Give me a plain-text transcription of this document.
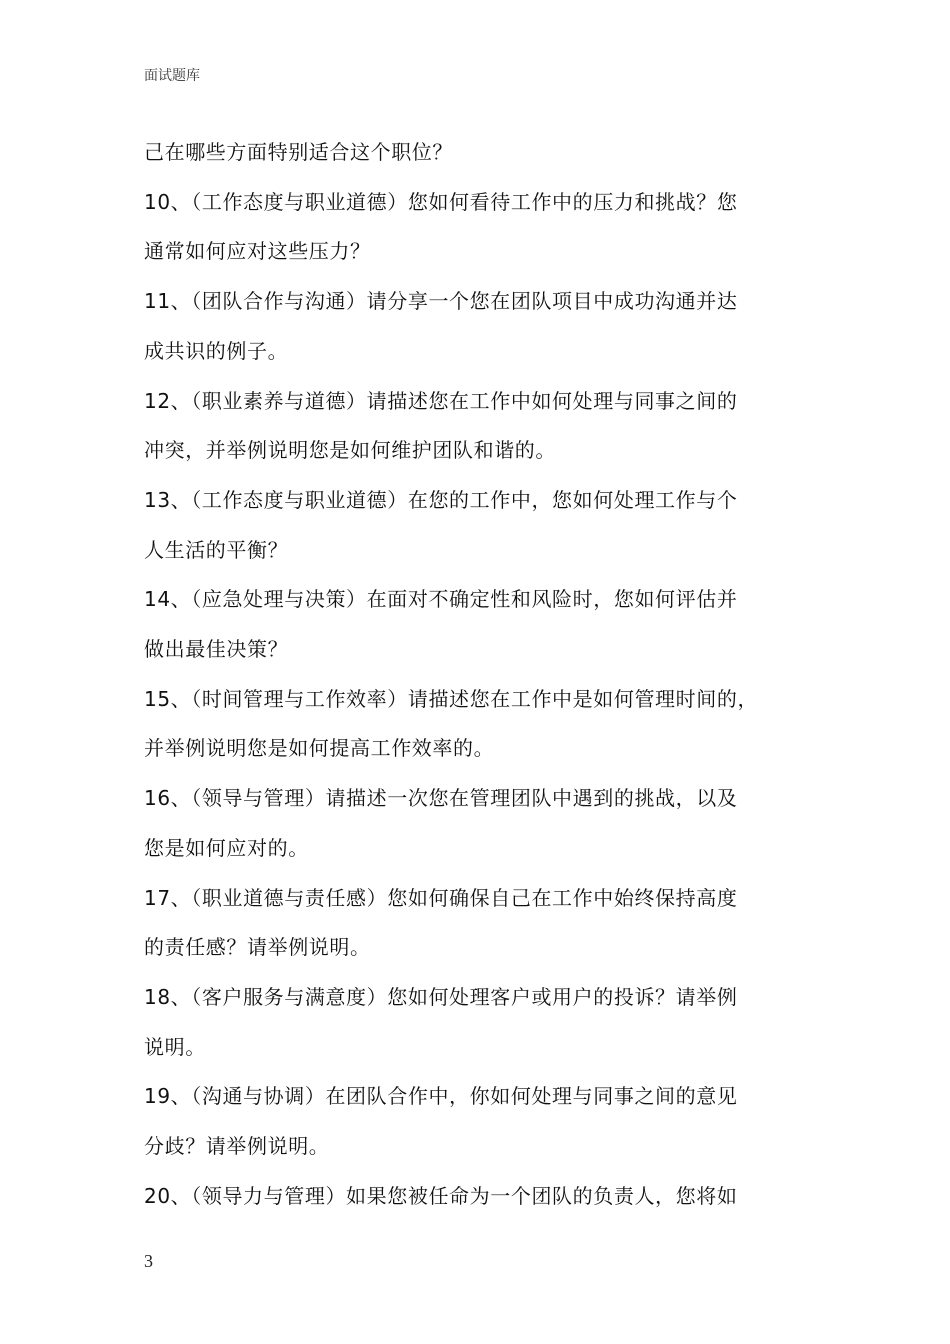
面试题库

己在哪些方面特别适合这个职位？

10、（工作态度与职业道德）您如何看待工作中的压力和挑战？您

通常如何应对这些压力？

11、（团队合作与沟通）请分享一个您在团队项目中成功沟通并达

成共识的例子。

12、（职业素养与道德）请描述您在工作中如何处理与同事之间的

冲突，并举例说明您是如何维护团队和谐的。

13、（工作态度与职业道德）在您的工作中，您如何处理工作与个

人生活的平衡？

14、（应急处理与决策）在面对不确定性和风险时，您如何评估并

做出最佳决策？

15、（时间管理与工作效率）请描述您在工作中是如何管理时间的，

并举例说明您是如何提高工作效率的。

16、（领导与管理）请描述一次您在管理团队中遇到的挑战，以及

您是如何应对的。

17、（职业道德与责任感）您如何确保自己在工作中始终保持高度

的责任感？请举例说明。

18、（客户服务与满意度）您如何处理客户或用户的投诉？请举例

说明。

19、（沟通与协调）在团队合作中，你如何处理与同事之间的意见

分歧？请举例说明。

20、（领导力与管理）如果您被任命为一个团队的负责人，您将如

3
